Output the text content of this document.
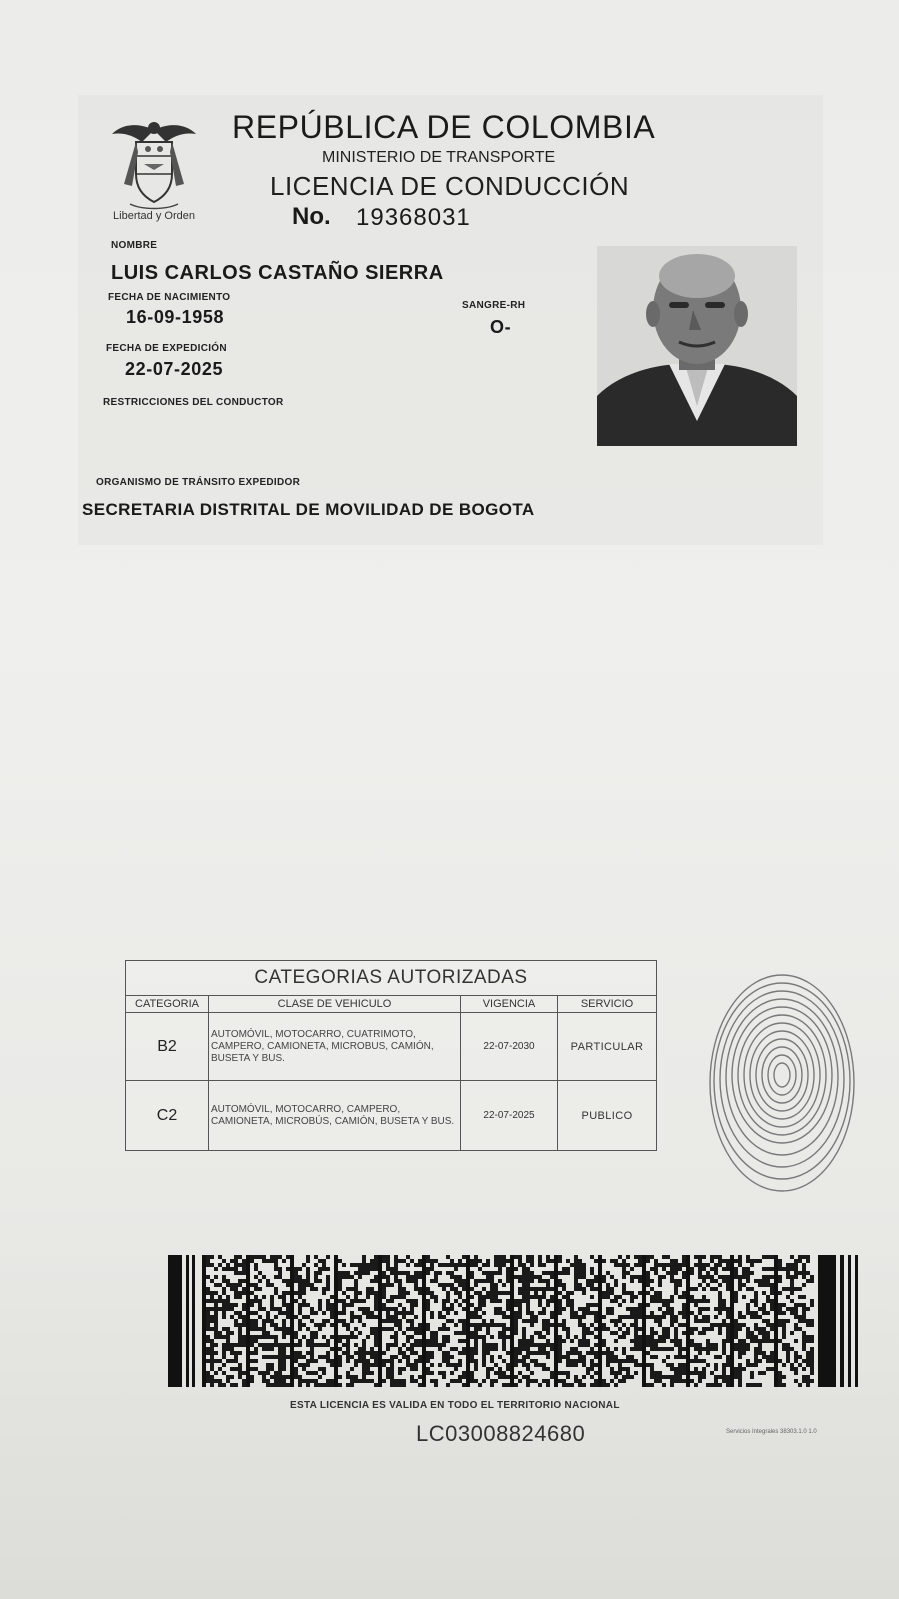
Libertad y Orden
REPÚBLICA DE COLOMBIA
MINISTERIO DE TRANSPORTE
LICENCIA DE CONDUCCIÓN
No. 19368031
NOMBRE
LUIS CARLOS CASTAÑO SIERRA
FECHA DE NACIMIENTO
16-09-1958
SANGRE-RH
O-
FECHA DE EXPEDICIÓN
22-07-2025
RESTRICCIONES DEL CONDUCTOR
ORGANISMO DE TRÁNSITO EXPEDIDOR
SECRETARIA DISTRITAL DE MOVILIDAD DE BOGOTA
CATEGORIAS AUTORIZADAS			
CATEGORIA	CLASE DE VEHICULO	VIGENCIA	SERVICIO
B2	AUTOMÓVIL, MOTOCARRO, CUATRIMOTO, CAMPERO, CAMIONETA, MICROBUS, CAMIÓN, BUSETA Y BUS.	22-07-2030	PARTICULAR
C2	AUTOMÓVIL, MOTOCARRO, CAMPERO, CAMIONETA, MICROBÚS, CAMIÓN, BUSETA Y BUS.	22-07-2025	PUBLICO
ESTA LICENCIA ES VALIDA EN TODO EL TERRITORIO NACIONAL
LC03008824680	Servicios Integrales 38303.1.0 1.0
